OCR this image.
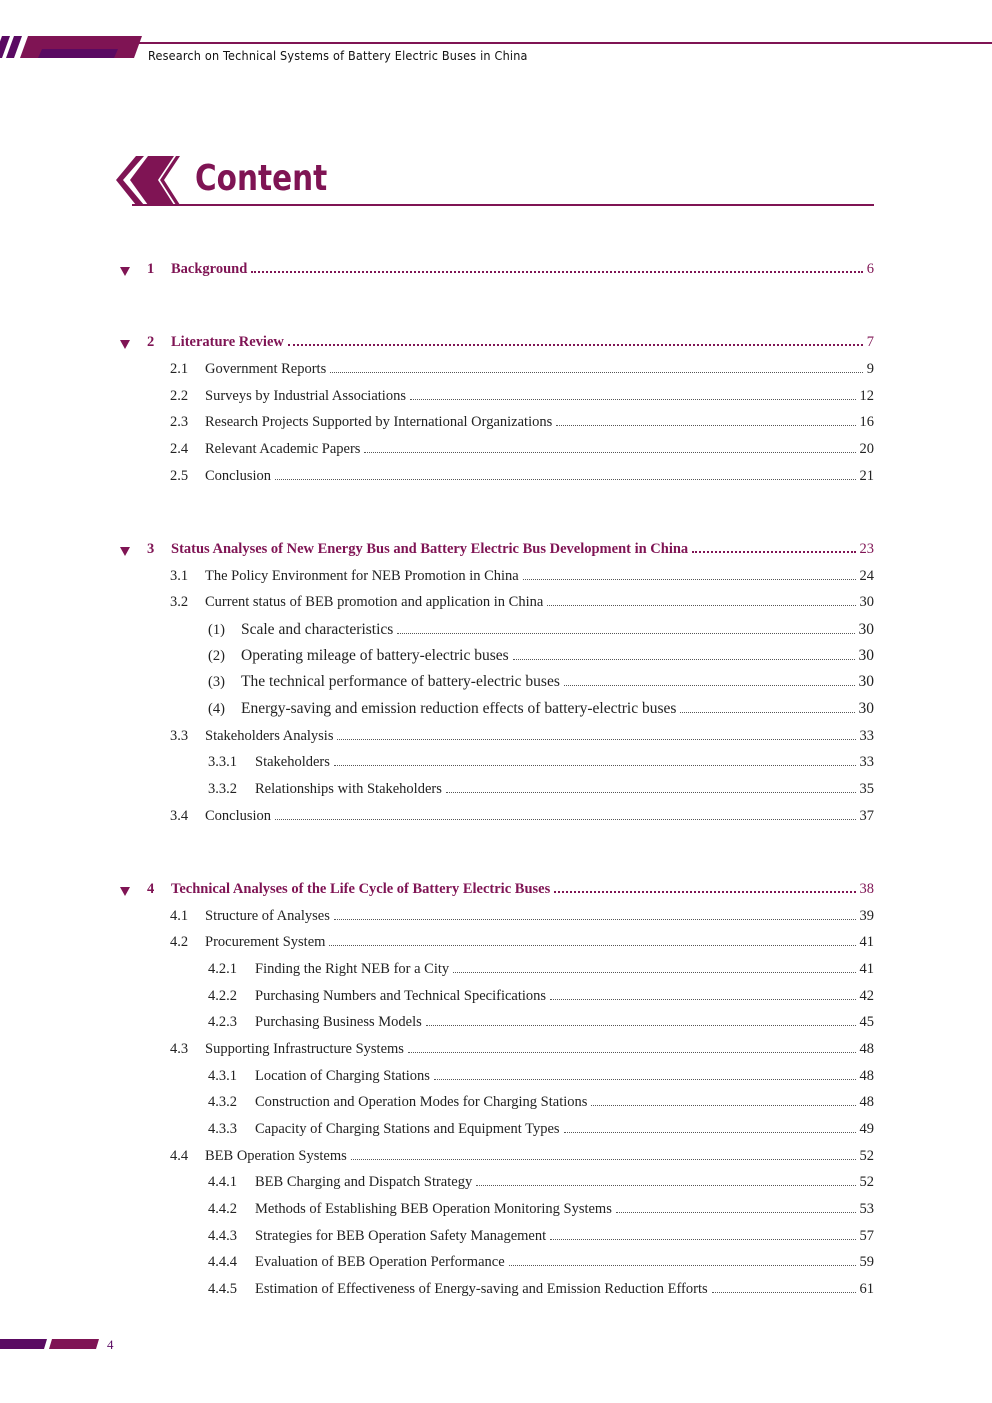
Research on Technical Systems of Battery Electric Buses in China
Content
1 Background	6
2 Literature Review	7
2.1 Government Reports	9
2.2 Surveys by Industrial Associations	12
2.3 Research Projects Supported by International Organizations	16
2.4 Relevant Academic Papers	20
2.5 Conclusion	21
3 Status Analyses of New Energy Bus and Battery Electric Bus Development in China	23
3.1 The Policy Environment for NEB Promotion in China	24
3.2 Current status of BEB promotion and application in China	30
(1) Scale and characteristics	30
(2) Operating mileage of battery-electric buses	30
(3) The technical performance of battery-electric buses	30
(4) Energy-saving and emission reduction effects of battery-electric buses	30
3.3 Stakeholders Analysis	33
3.3.1 Stakeholders	33
3.3.2 Relationships with Stakeholders	35
3.4 Conclusion	37
4 Technical Analyses of the Life Cycle of Battery Electric Buses	38
4.1 Structure of Analyses	39
4.2 Procurement System	41
4.2.1 Finding the Right NEB for a City	41
4.2.2 Purchasing Numbers and Technical Specifications	42
4.2.3 Purchasing Business Models	45
4.3 Supporting Infrastructure Systems	48
4.3.1 Location of Charging Stations	48
4.3.2 Construction and Operation Modes for Charging Stations	48
4.3.3 Capacity of Charging Stations and Equipment Types	49
4.4 BEB Operation Systems	52
4.4.1 BEB Charging and Dispatch Strategy	52
4.4.2 Methods of Establishing BEB Operation Monitoring Systems	53
4.4.3 Strategies for BEB Operation Safety Management	57
4.4.4 Evaluation of BEB Operation Performance	59
4.4.5 Estimation of Effectiveness of Energy-saving and Emission Reduction Efforts	61
4
